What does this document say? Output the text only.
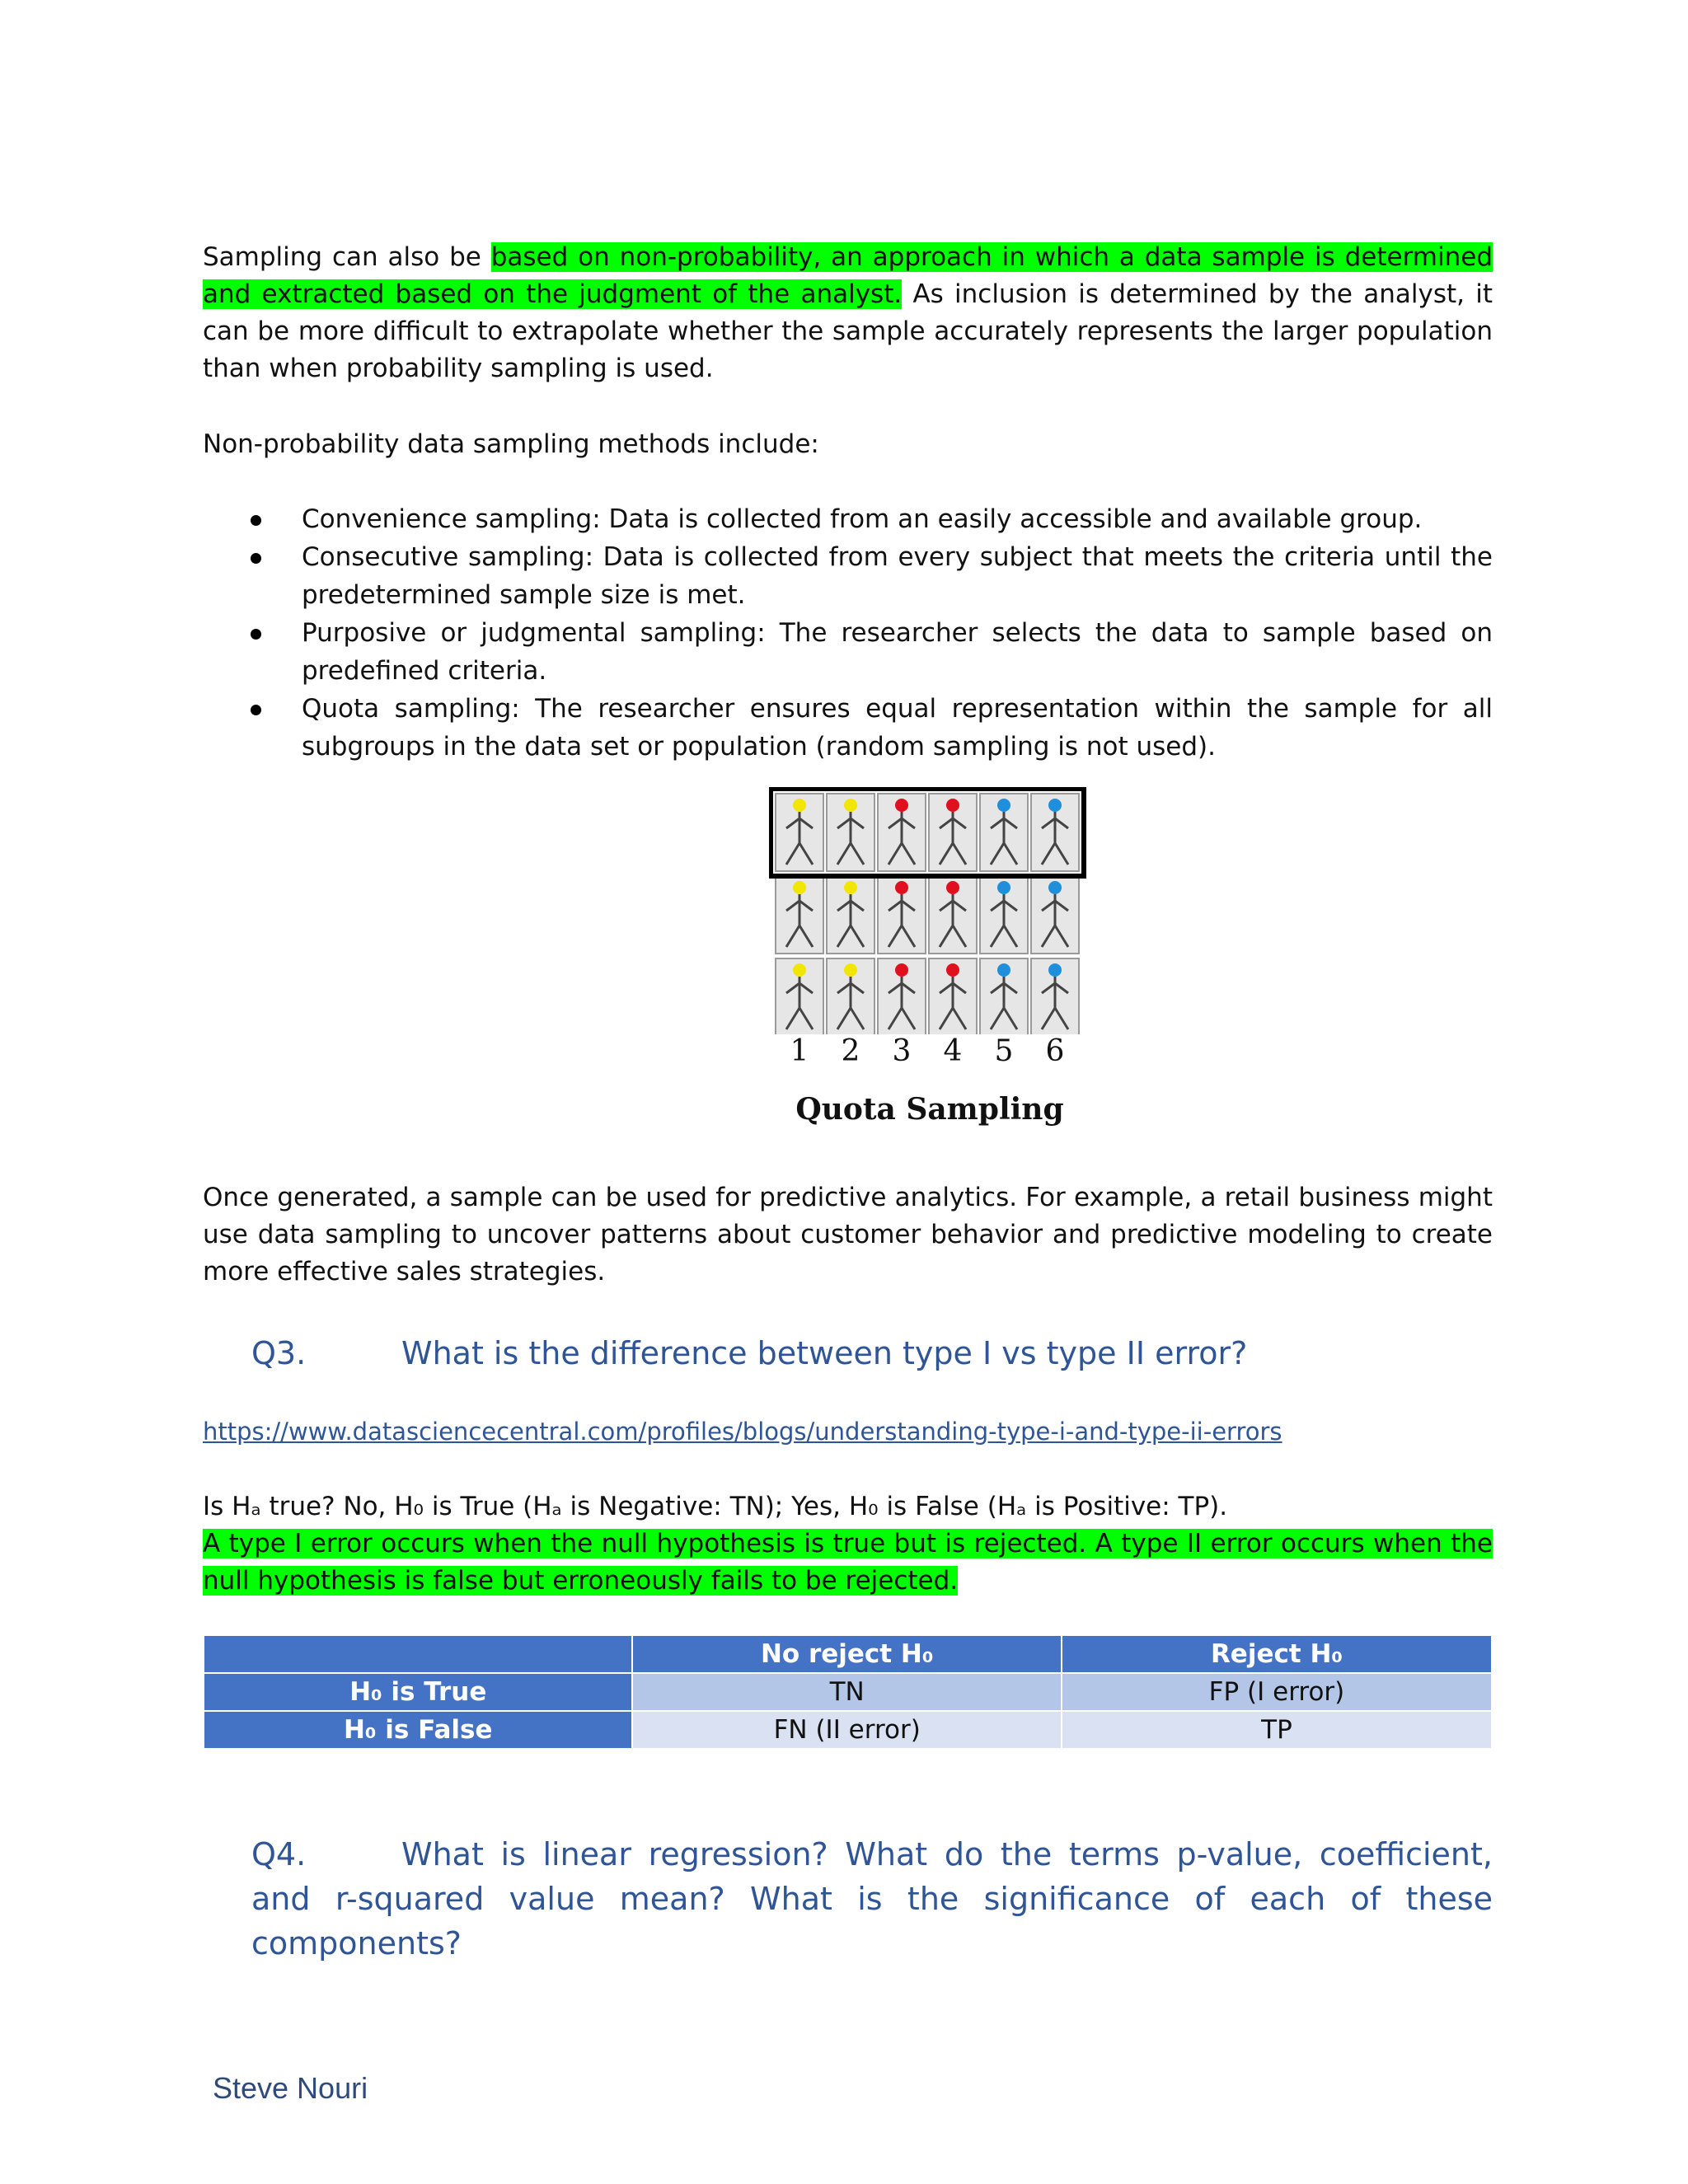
Sampling can also be based on non-probability, an approach in which a data sample is determined and extracted based on the judgment of the analyst. As inclusion is determined by the analyst, it can be more difficult to extrapolate whether the sample accurately represents the larger population than when probability sampling is used.
Non-probability data sampling methods include:
Convenience sampling: Data is collected from an easily accessible and available group.
Consecutive sampling: Data is collected from every subject that meets the criteria until the predetermined sample size is met.
Purposive or judgmental sampling: The researcher selects the data to sample based on predefined criteria.
Quota sampling: The researcher ensures equal representation within the sample for all subgroups in the data set or population (random sampling is not used).
1 2 3 4 5 6
Quota Sampling
Once generated, a sample can be used for predictive analytics. For example, a retail business might use data sampling to uncover patterns about customer behavior and predictive modeling to create more effective sales strategies.
Q3.	What is the difference between type I vs type II error?
https://www.datasciencecentral.com/profiles/blogs/understanding-type-i-and-type-ii-errors
Is Hₐ true? No, H₀ is True (Hₐ is Negative: TN); Yes, H₀ is False (Hₐ is Positive: TP).
A type I error occurs when the null hypothesis is true but is rejected. A type II error occurs when the null hypothesis is false but erroneously fails to be rejected.
	No reject H₀	Reject H₀
H₀ is True	TN	FP (I error)
H₀ is False	FN (II error)	TP
Q4.	What is linear regression? What do the terms p-value, coefficient, and r-squared value mean? What is the significance of each of these components?
Steve Nouri
